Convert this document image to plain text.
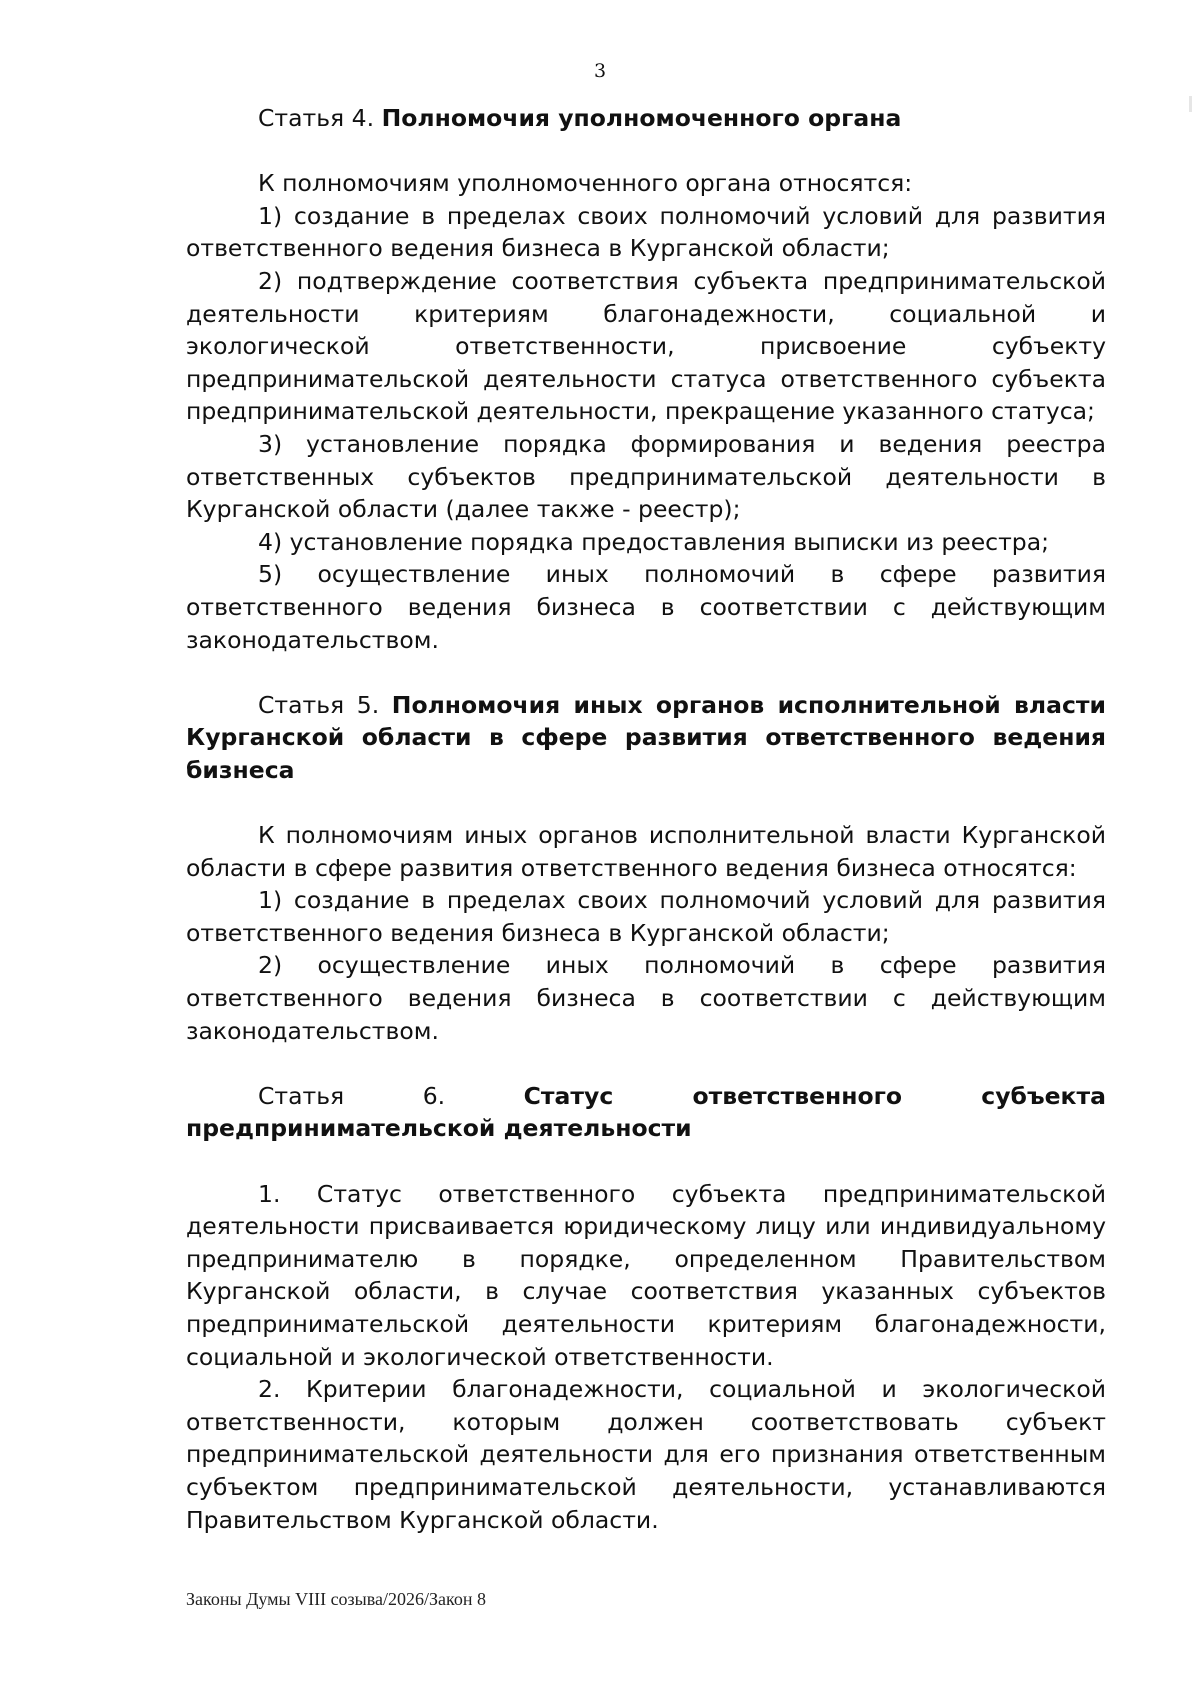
3
Статья 4. Полномочия уполномоченного органа

К полномочиям уполномоченного органа относятся:

1) создание в пределах своих полномочий условий для развития ответственного ведения бизнеса в Курганской области;

2) подтверждение соответствия субъекта предпринимательской деятельности критериям благонадежности, социальной и экологической ответственности, присвоение субъекту предпринимательской деятельности статуса ответственного субъекта предпринимательской деятельности, прекращение указанного статуса;

3) установление порядка формирования и ведения реестра ответственных субъектов предпринимательской деятельности в Курганской области (далее также - реестр);

4) установление порядка предоставления выписки из реестра;

5) осуществление иных полномочий в сфере развития ответственного ведения бизнеса в соответствии с действующим законодательством.

Статья 5. Полномочия иных органов исполнительной власти Курганской области в сфере развития ответственного ведения бизнеса

К полномочиям иных органов исполнительной власти Курганской области в сфере развития ответственного ведения бизнеса относятся:

1) создание в пределах своих полномочий условий для развития ответственного ведения бизнеса в Курганской области;

2) осуществление иных полномочий в сфере развития ответственного ведения бизнеса в соответствии с действующим законодательством.

Статья 6.	Статус ответственного субъекта предпринимательской деятельности

1. Статус ответственного субъекта предпринимательской деятельности присваивается юридическому лицу или индивидуальному предпринимателю в порядке, определенном Правительством Курганской области, в случае соответствия указанных субъектов предпринимательской деятельности критериям благонадежности, социальной и экологической ответственности.

2. Критерии благонадежности, социальной и экологической ответственности, которым должен соответствовать субъект предпринимательской деятельности для его признания ответственным субъектом предпринимательской деятельности, устанавливаются Правительством Курганской области.

Законы Думы VIII созыва/2026/Закон 8
